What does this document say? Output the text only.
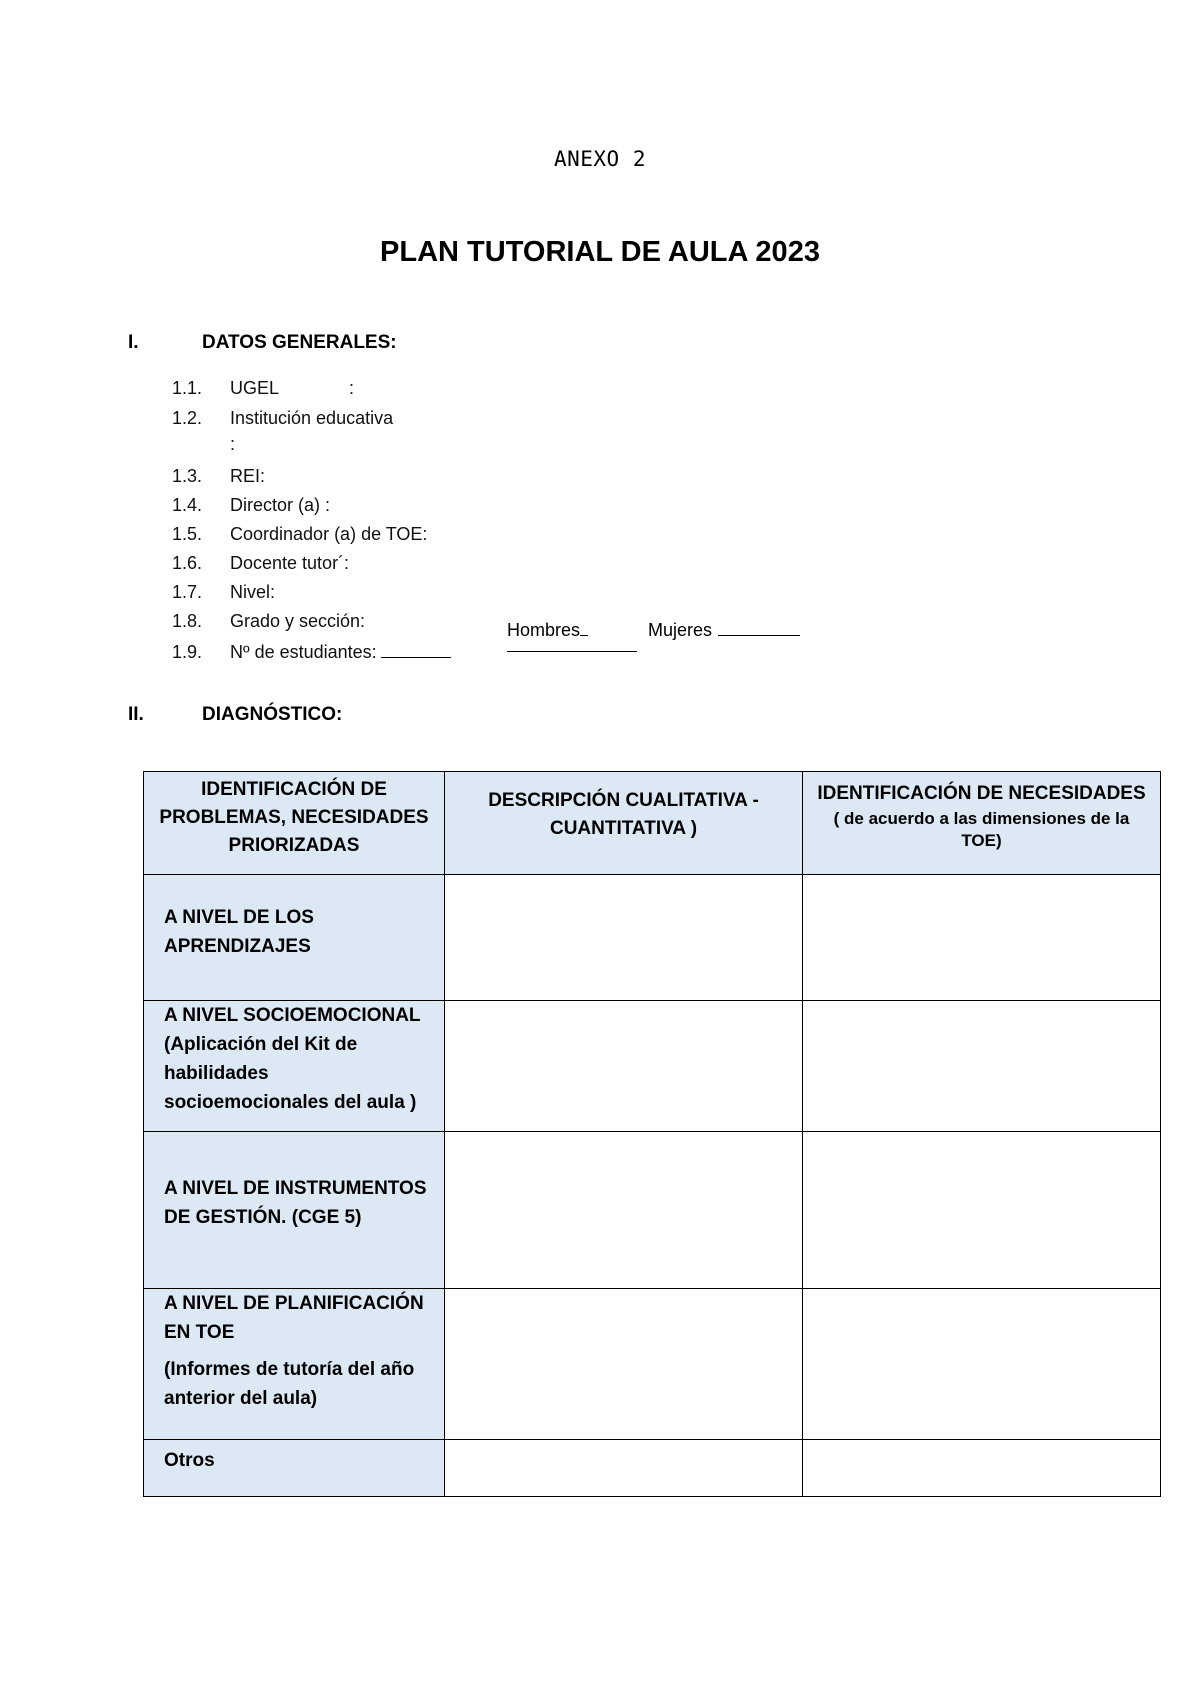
ANEXO 2
PLAN TUTORIAL DE AULA 2023
I.	DATOS GENERALES:
1.1. UGEL	:
1.2. Institución educativa
:
1.3. REI:
1.4. Director (a) :
1.5. Coordinador (a) de TOE:
1.6. Docente tutor´:
1.7. Nivel:
1.8. Grado y sección:
1.9. Nº de estudiantes:
Hombres	Mujeres
II.	DIAGNÓSTICO:
IDENTIFICACIÓN DE PROBLEMAS, NECESIDADES PRIORIZADAS	DESCRIPCIÓN CUALITATIVA - CUANTITATIVA )	IDENTIFICACIÓN DE NECESIDADES
( de acuerdo a las dimensiones de la TOE)

A NIVEL DE LOS APRENDIZAJES		

A NIVEL SOCIOEMOCIONAL (Aplicación del Kit de habilidades socioemocionales del aula )		

A NIVEL DE INSTRUMENTOS DE GESTIÓN. (CGE 5)		

A NIVEL DE PLANIFICACIÓN EN TOE
(Informes de tutoría del año anterior del aula)		

Otros		
